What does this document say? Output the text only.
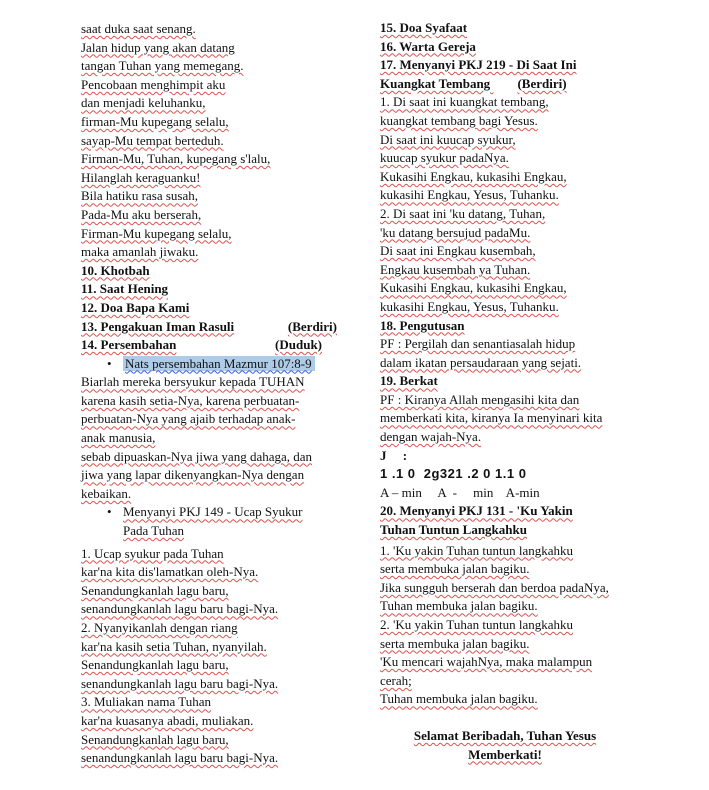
saat duka saat senang.
Jalan hidup yang akan datang
tangan Tuhan yang memegang.
Pencobaan menghimpit aku
dan menjadi keluhanku,
firman-Mu kupegang selalu,
sayap-Mu tempat berteduh.
Firman-Mu, Tuhan, kupegang s'lalu,
Hilanglah keraguanku!
Bila hatiku rasa susah,
Pada-Mu aku berserah,
Firman-Mu kupegang selalu,
maka amanlah jiwaku.
10. Khotbah
11. Saat Hening
12. Doa Bapa Kami
13. Pengakuan Iman Rasuli	(Berdiri)
14. Persembahan	(Duduk)
• Nats persembahan Mazmur 107:8-9
Biarlah mereka bersyukur kepada TUHAN
karena kasih setia-Nya, karena perbuatan-
perbuatan-Nya yang ajaib terhadap anak-
anak manusia,
sebab dipuaskan-Nya jiwa yang dahaga, dan
jiwa yang lapar dikenyangkan-Nya dengan
kebaikan.
• Menyanyi PKJ 149 - Ucap Syukur
Pada Tuhan
1. Ucap syukur pada Tuhan
kar'na kita dis'lamatkan oleh-Nya.
Senandungkanlah lagu baru,
senandungkanlah lagu baru bagi-Nya.
2. Nyanyikanlah dengan riang
kar'na kasih setia Tuhan, nyanyilah.
Senandungkanlah lagu baru,
senandungkanlah lagu baru bagi-Nya.
3. Muliakan nama Tuhan
kar'na kuasanya abadi, muliakan.
Senandungkanlah lagu baru,
senandungkanlah lagu baru bagi-Nya.
15. Doa Syafaat
16. Warta Gereja
17. Menyanyi PKJ 219 - Di Saat Ini
Kuangkat Tembang (Berdiri)
1. Di saat ini kuangkat tembang,
kuangkat tembang bagi Yesus.
Di saat ini kuucap syukur,
kuucap syukur padaNya.
Kukasihi Engkau, kukasihi Engkau,
kukasihi Engkau, Yesus, Tuhanku.
2. Di saat ini 'ku datang, Tuhan,
'ku datang bersujud padaMu.
Di saat ini Engkau kusembah,
Engkau kusembah ya Tuhan.
Kukasihi Engkau, kukasihi Engkau,
kukasihi Engkau, Yesus, Tuhanku.
18. Pengutusan
PF : Pergilah dan senantiasalah hidup
dalam ikatan persaudaraan yang sejati.
19. Berkat
PF : Kiranya Allah mengasihi kita dan
memberkati kita, kiranya Ia menyinari kita
dengan wajah-Nya.
J     :
1 .1 0  2g321 .2 0 1.1 0
A – min     A  -     min    A-min
20. Menyanyi PKJ 131 - 'Ku Yakin
Tuhan Tuntun Langkahku
1. 'Ku yakin Tuhan tuntun langkahku
serta membuka jalan bagiku.
Jika sungguh berserah dan berdoa padaNya,
Tuhan membuka jalan bagiku.
2. 'Ku yakin Tuhan tuntun langkahku
serta membuka jalan bagiku.
'Ku mencari wajahNya, maka malampun
cerah;
Tuhan membuka jalan bagiku.
Selamat Beribadah, Tuhan Yesus
Memberkati!
